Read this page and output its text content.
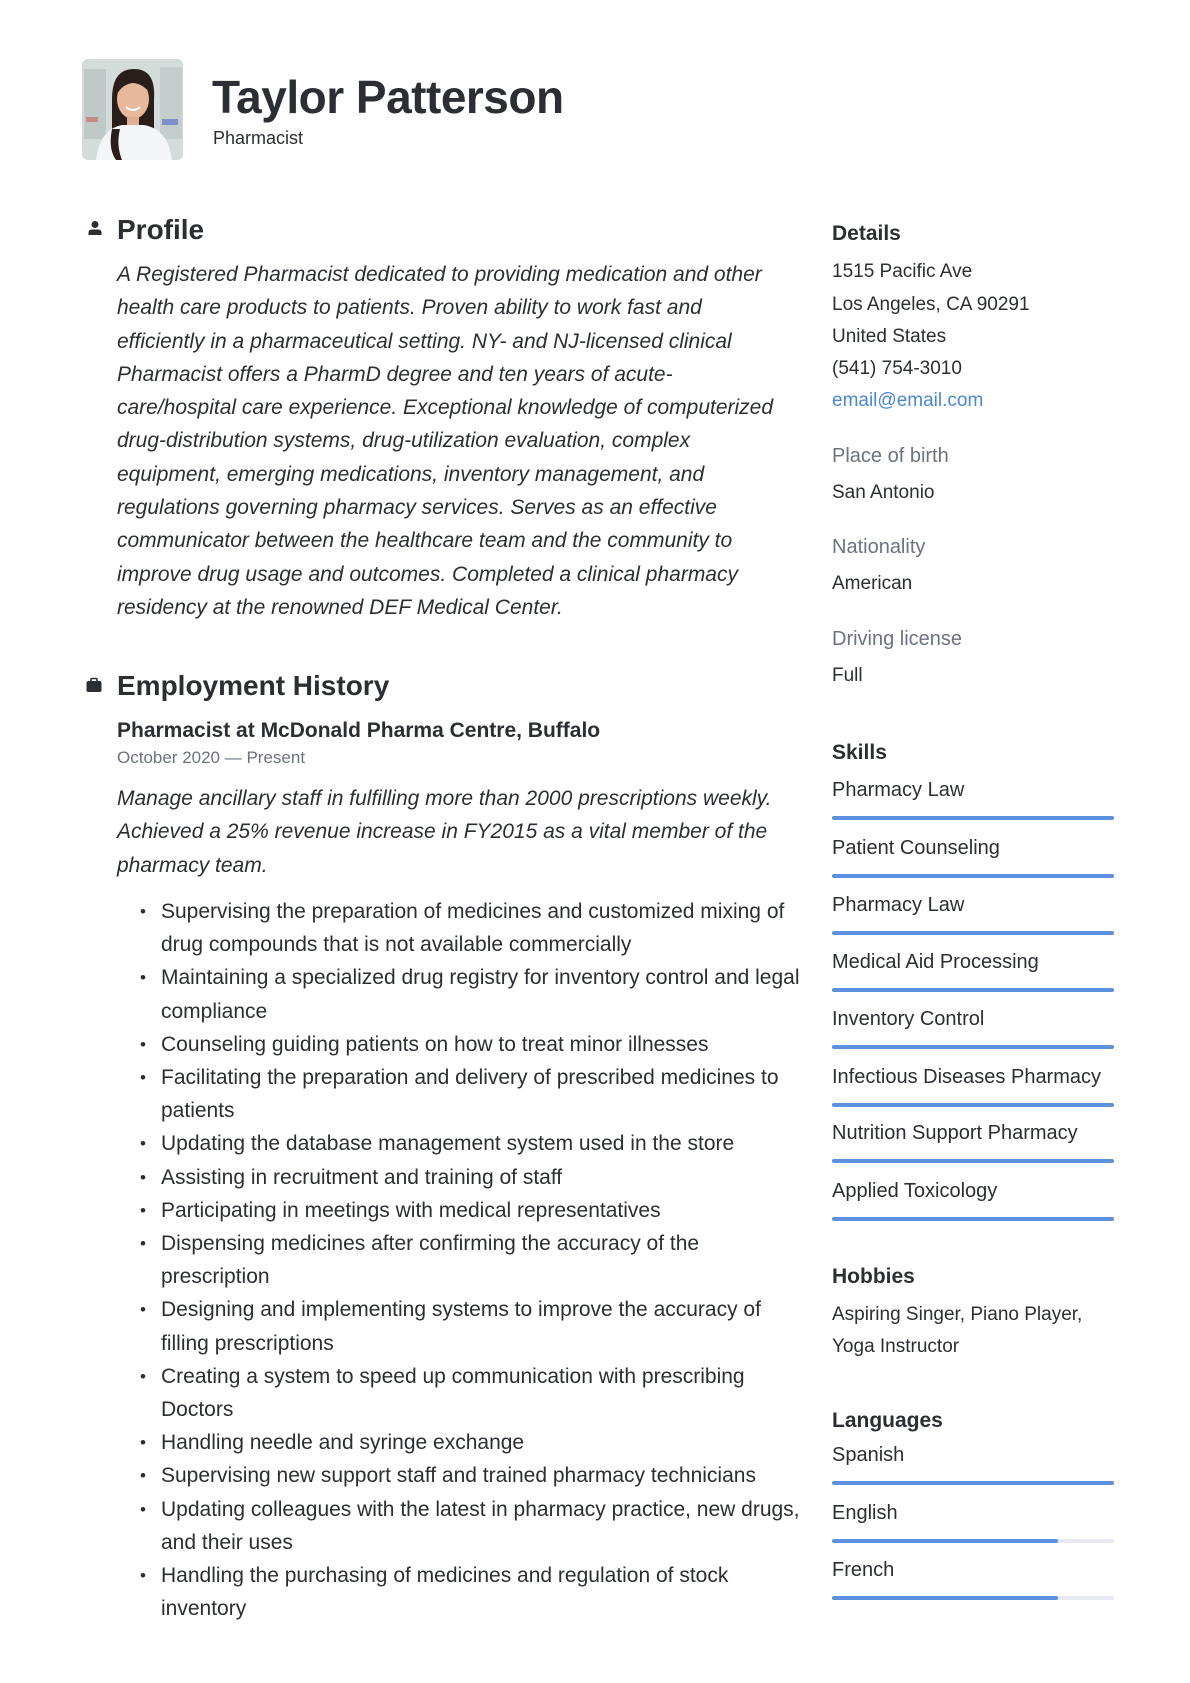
Taylor Patterson
Pharmacist
Profile
A Registered Pharmacist dedicated to providing medication and other health care products to patients. Proven ability to work fast and efficiently in a pharmaceutical setting. NY- and NJ-licensed clinical Pharmacist offers a PharmD degree and ten years of acute-care/hospital care experience. Exceptional knowledge of computerized drug-distribution systems, drug-utilization evaluation, complex equipment, emerging medications, inventory management, and regulations governing pharmacy services. Serves as an effective communicator between the healthcare team and the community to improve drug usage and outcomes. Completed a clinical pharmacy residency at the renowned DEF Medical Center.
Employment History
Pharmacist at McDonald Pharma Centre, Buffalo
October 2020 — Present
Manage ancillary staff in fulfilling more than 2000 prescriptions weekly. Achieved a 25% revenue increase in FY2015 as a vital member of the pharmacy team.
• Supervising the preparation of medicines and customized mixing of drug compounds that is not available commercially
• Maintaining a specialized drug registry for inventory control and legal compliance
• Counseling guiding patients on how to treat minor illnesses
• Facilitating the preparation and delivery of prescribed medicines to patients
• Updating the database management system used in the store
• Assisting in recruitment and training of staff
• Participating in meetings with medical representatives
• Dispensing medicines after confirming the accuracy of the prescription
• Designing and implementing systems to improve the accuracy of filling prescriptions
• Creating a system to speed up communication with prescribing Doctors
• Handling needle and syringe exchange
• Supervising new support staff and trained pharmacy technicians
• Updating colleagues with the latest in pharmacy practice, new drugs, and their uses
• Handling the purchasing of medicines and regulation of stock inventory
Details
1515 Pacific Ave
Los Angeles, CA 90291
United States
(541) 754-3010
email@email.com
Place of birth
San Antonio
Nationality
American
Driving license
Full
Skills
Pharmacy Law
Patient Counseling
Pharmacy Law
Medical Aid Processing
Inventory Control
Infectious Diseases Pharmacy
Nutrition Support Pharmacy
Applied Toxicology
Hobbies
Aspiring Singer, Piano Player,
Yoga Instructor
Languages
Spanish
English
French
